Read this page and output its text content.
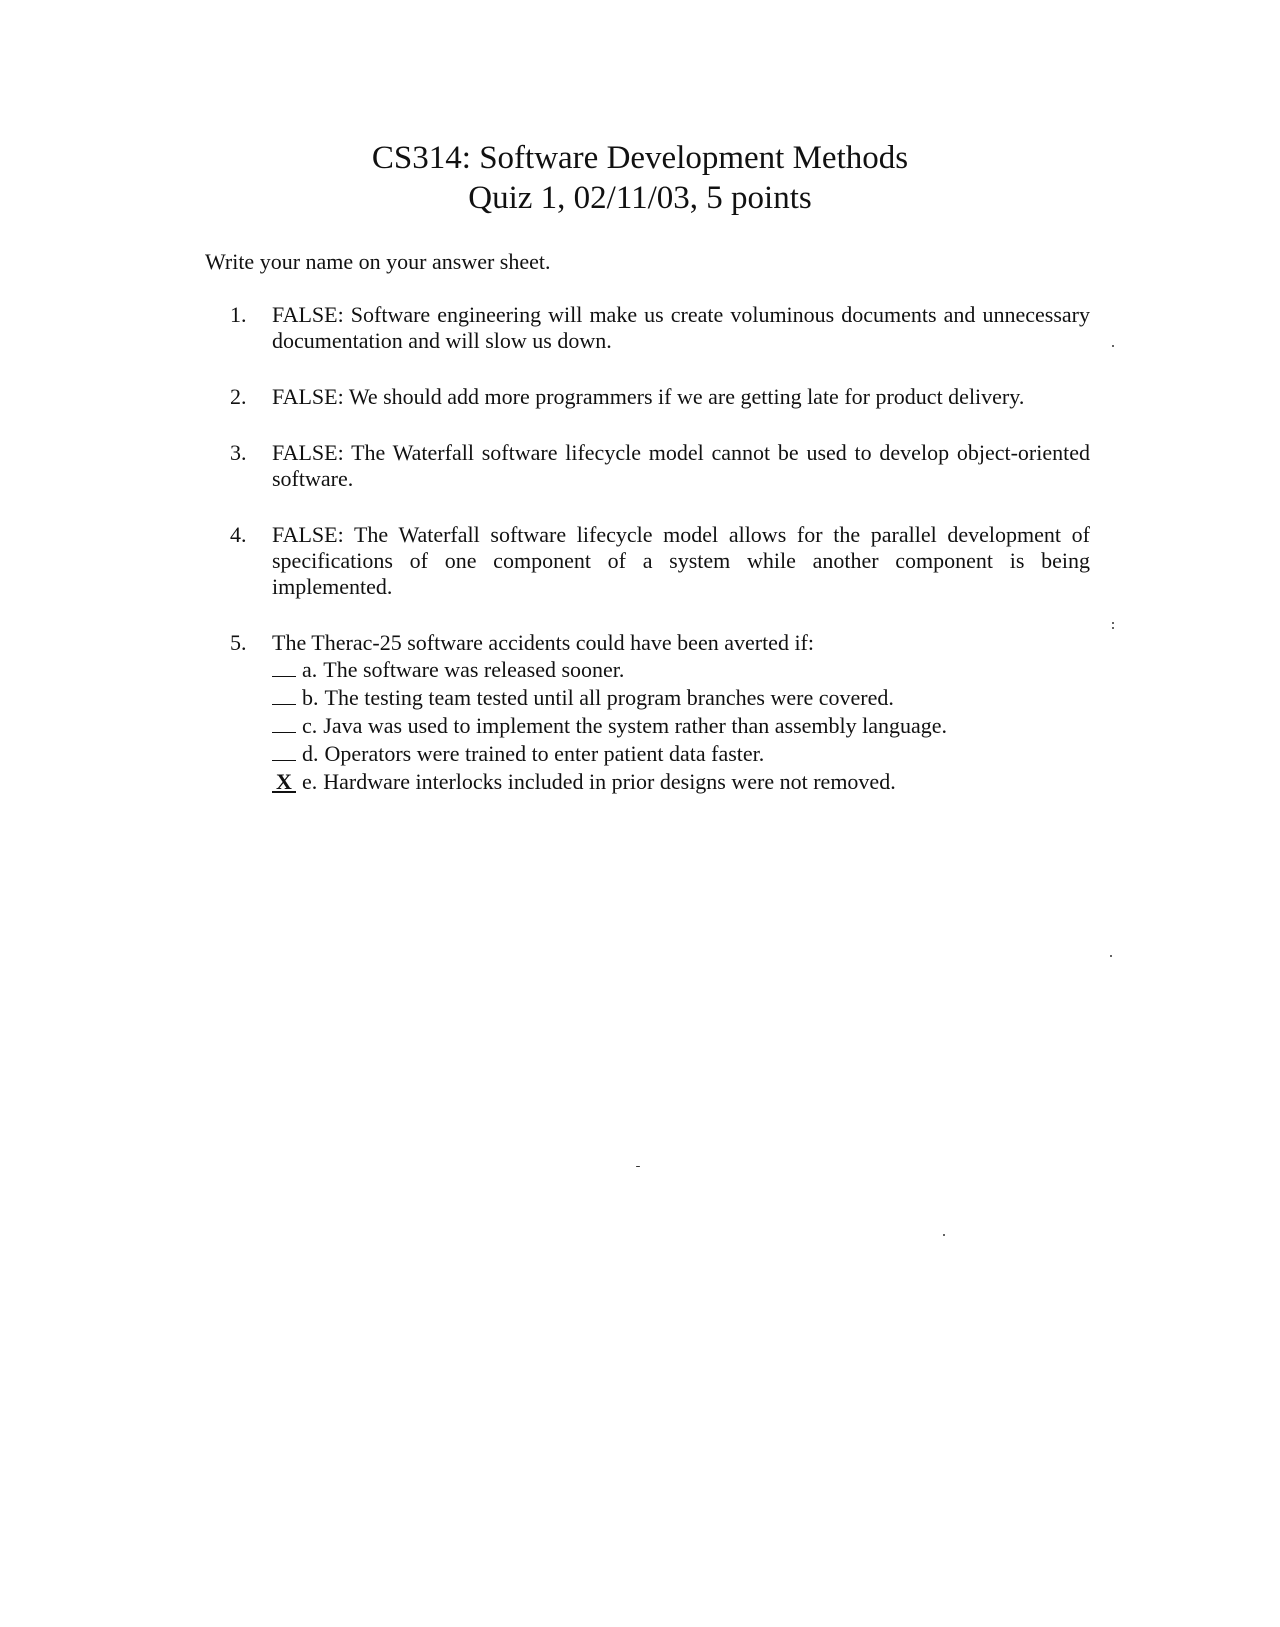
CS314: Software Development Methods
Quiz 1, 02/11/03, 5 points
Write your name on your answer sheet.
1. FALSE: Software engineering will make us create voluminous documents and unnecessary documentation and will slow us down.
2. FALSE: We should add more programmers if we are getting late for product delivery.
3. FALSE: The Waterfall software lifecycle model cannot be used to develop object-oriented software.
4. FALSE: The Waterfall software lifecycle model allows for the parallel development of specifications of one component of a system while another component is being implemented.
5. The Therac-25 software accidents could have been averted if:
a. The software was released sooner.
b. The testing team tested until all program branches were covered.
c. Java was used to implement the system rather than assembly language.
d. Operators were trained to enter patient data faster.
X e. Hardware interlocks included in prior designs were not removed.
